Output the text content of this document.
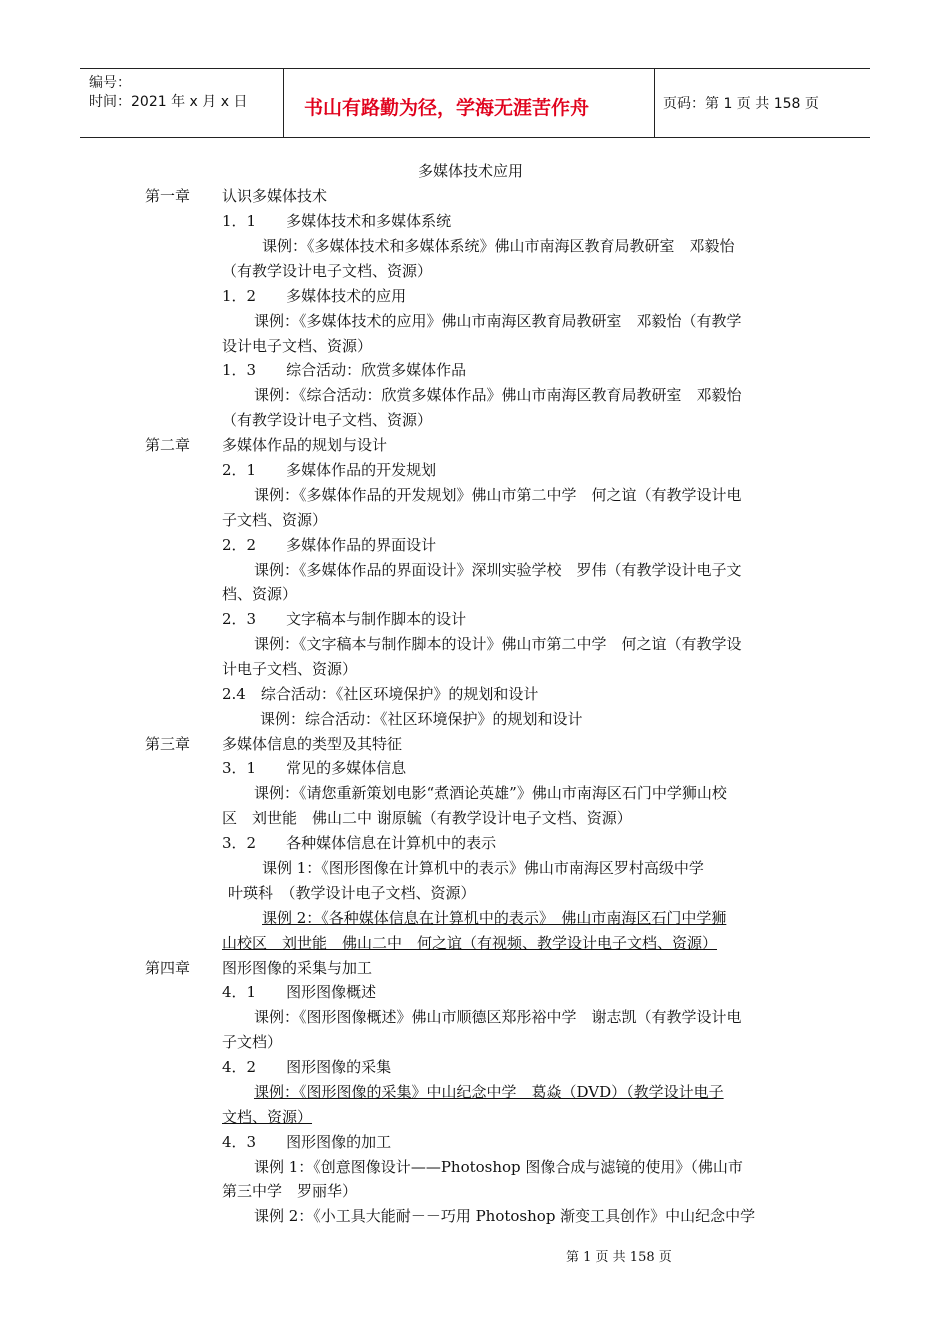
编号：
时间：2021 年 x 月 x 日	书山有路勤为径，学海无涯苦作舟	页码：第 1 页 共 158 页
多媒体技术应用
第一章 认识多媒体技术
1．1　　多媒体技术和多媒体系统
课例：《多媒体技术和多媒体系统》佛山市南海区教育局教研室　邓毅怡
（有教学设计电子文档、资源）
1．2　　多媒体技术的应用
课例：《多媒体技术的应用》佛山市南海区教育局教研室　邓毅怡（有教学
设计电子文档、资源）
1．3　　综合活动：欣赏多媒体作品
课例：《综合活动：欣赏多媒体作品》佛山市南海区教育局教研室　邓毅怡
（有教学设计电子文档、资源）
第二章 多媒体作品的规划与设计
2．1　　多媒体作品的开发规划
课例：《多媒体作品的开发规划》佛山市第二中学　何之谊（有教学设计电
子文档、资源）
2．2　　多媒体作品的界面设计
课例：《多媒体作品的界面设计》深圳实验学校　罗伟（有教学设计电子文
档、资源）
2．3　　文字稿本与制作脚本的设计
课例：《文字稿本与制作脚本的设计》佛山市第二中学　何之谊（有教学设
计电子文档、资源）
2.4　综合活动：《社区环境保护》的规划和设计
课例：综合活动：《社区环境保护》的规划和设计
第三章 多媒体信息的类型及其特征
3．1　　常见的多媒体信息
课例：《请您重新策划电影“煮酒论英雄”》佛山市南海区石门中学狮山校
区　刘世能　佛山二中 谢原毓（有教学设计电子文档、资源）
3．2　　各种媒体信息在计算机中的表示
课例 1：《图形图像在计算机中的表示》佛山市南海区罗村高级中学
叶瑛科　（教学设计电子文档、资源）
课例 2：《各种媒体信息在计算机中的表示》　佛山市南海区石门中学狮
山校区　刘世能　佛山二中　何之谊（有视频、教学设计电子文档、资源）
第四章 图形图像的采集与加工
4．1　　图形图像概述
课例：《图形图像概述》佛山市顺德区郑彤裕中学　谢志凯（有教学设计电
子文档）
4．2　　图形图像的采集
课例：《图形图像的采集》中山纪念中学　葛焱（DVD）（教学设计电子
文档、资源）
4．3　　图形图像的加工
课例 1：《创意图像设计——Photoshop 图像合成与滤镜的使用》（佛山市
第三中学　罗丽华）
课例 2：《小工具大能耐－－巧用 Photoshop 渐变工具创作》中山纪念中学
第 1 页 共 158 页
